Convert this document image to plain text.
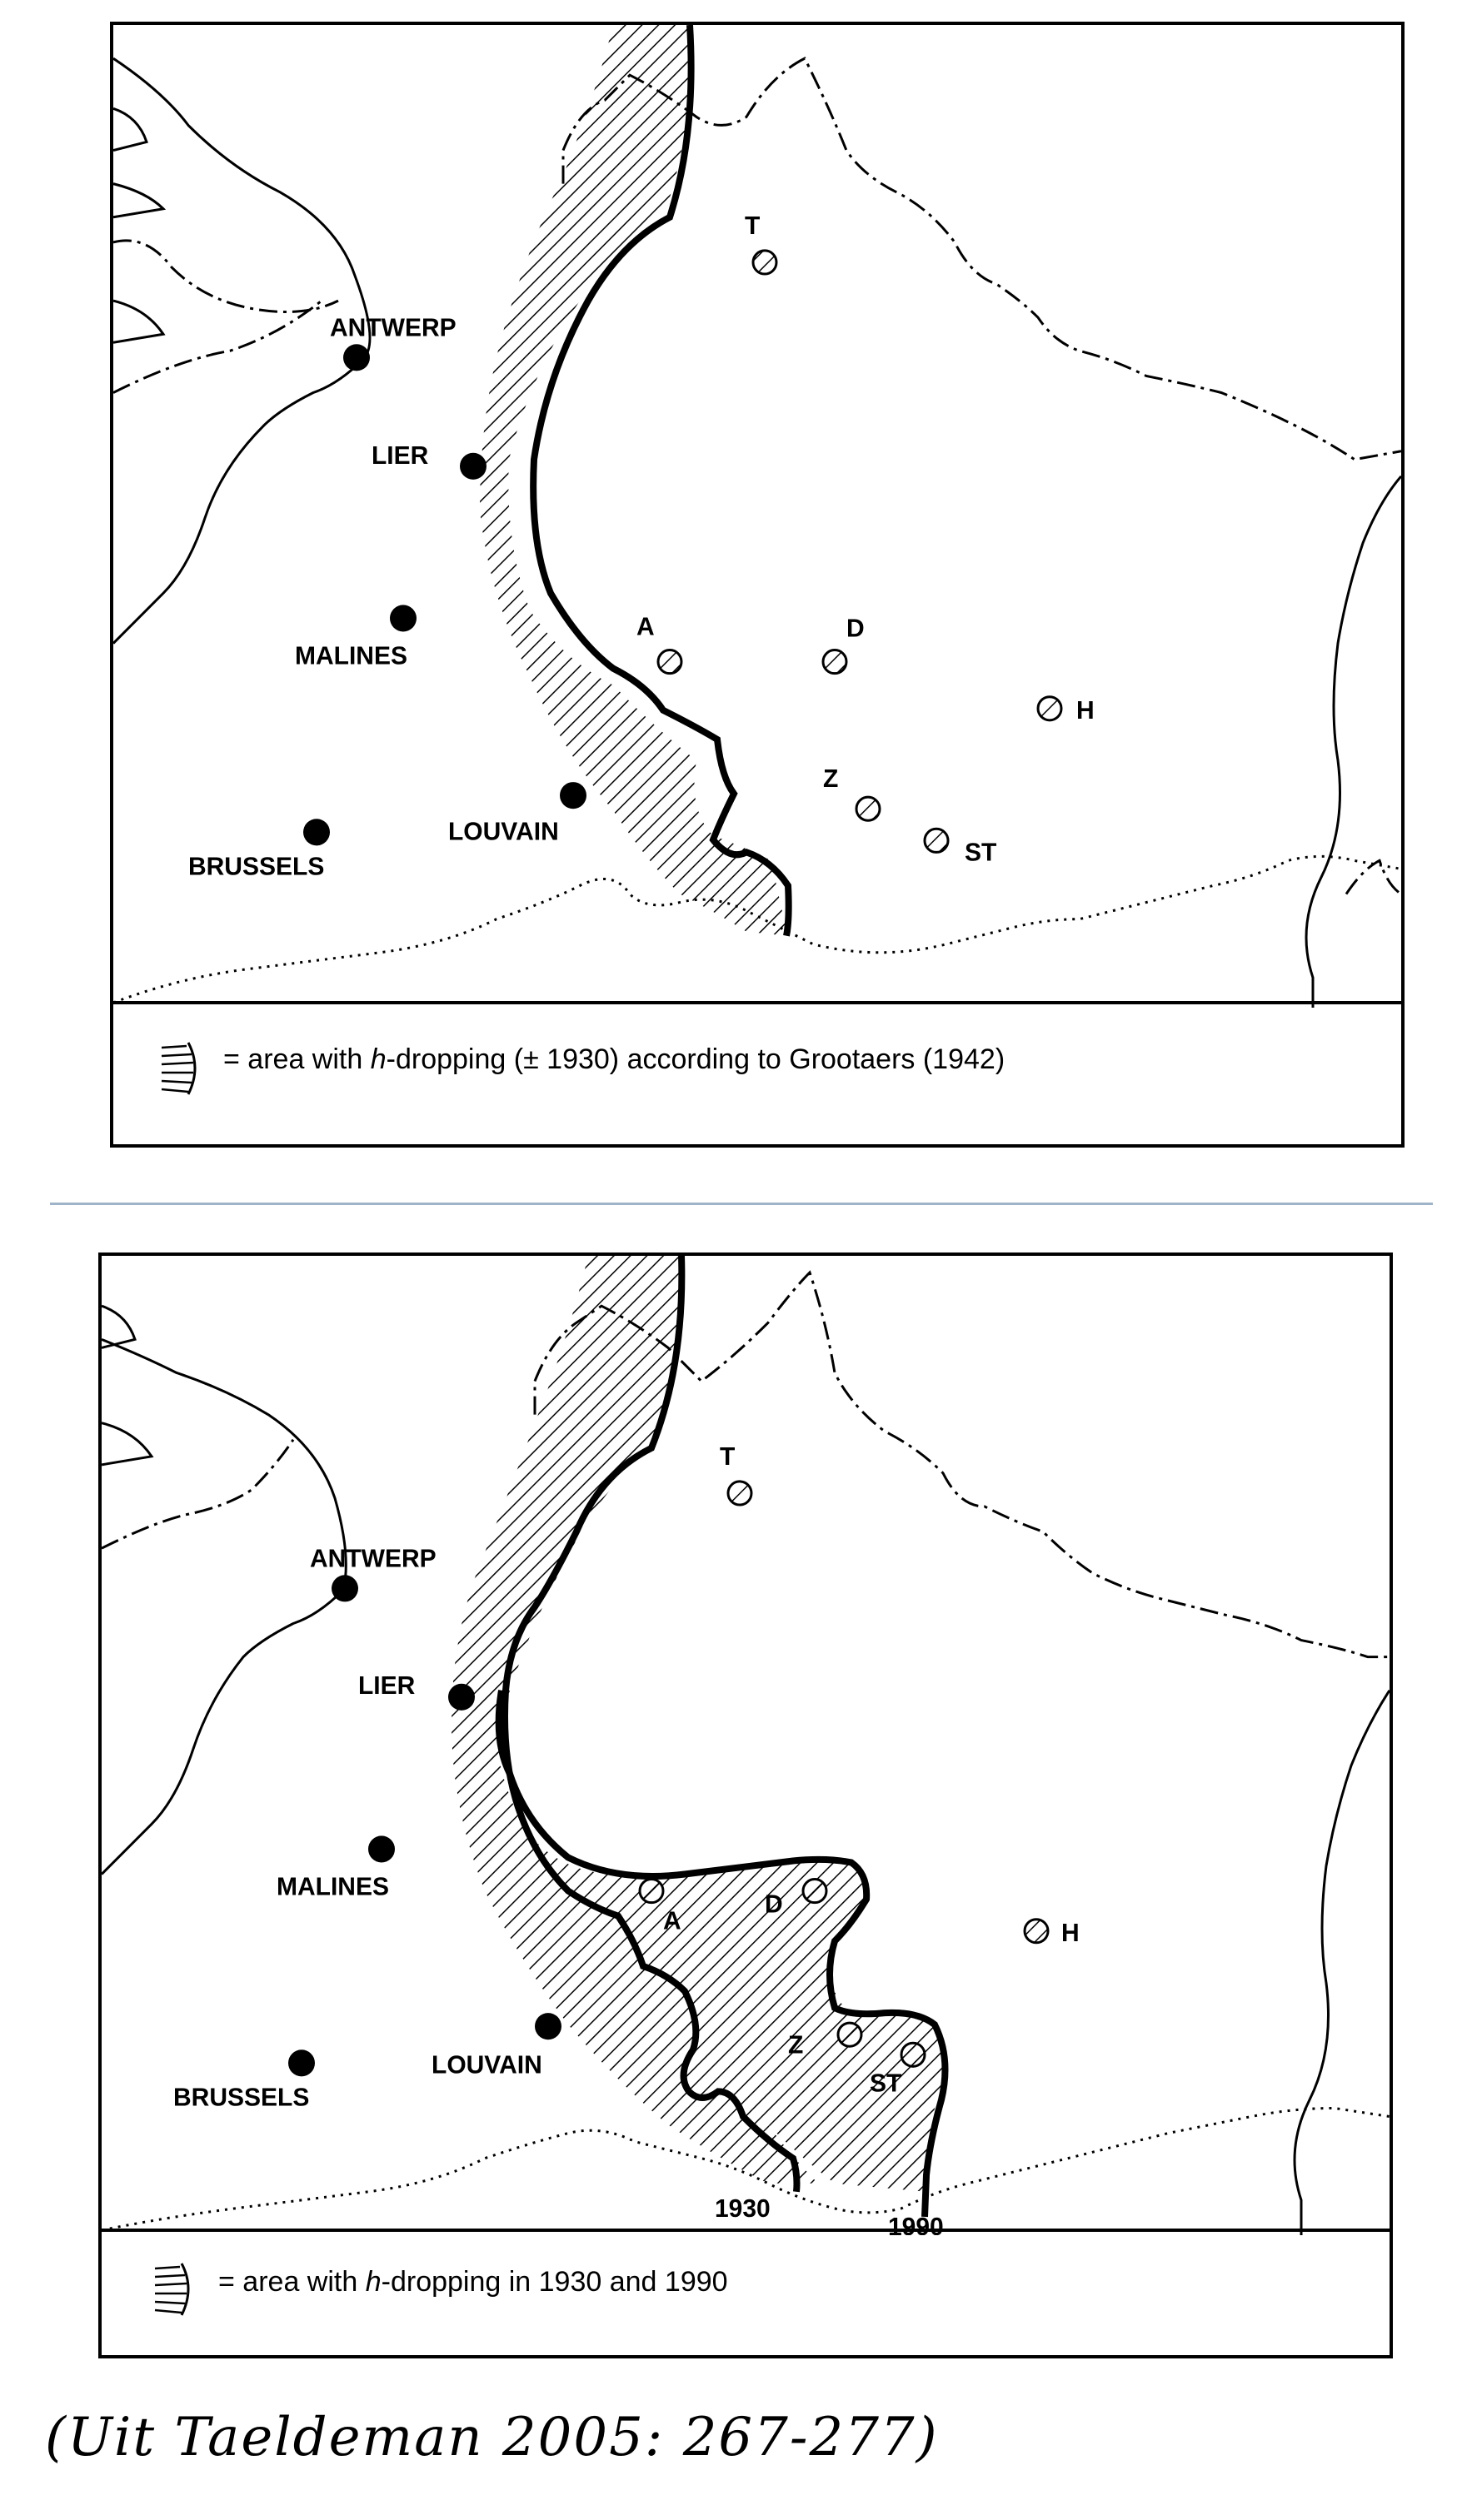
ANTWERP
LIER
MALINES
LOUVAIN
BRUSSELS
T
A	D
H
Z
ST
= area with h-dropping (± 1930) according to Grootaers (1942)
ANTWERP
LIER
MALINES
LOUVAIN
BRUSSELS
T
A
D
H
Z
ST
1930
1990
= area with h-dropping in 1930 and 1990
(Uit Taeldeman 2005: 267-277)
